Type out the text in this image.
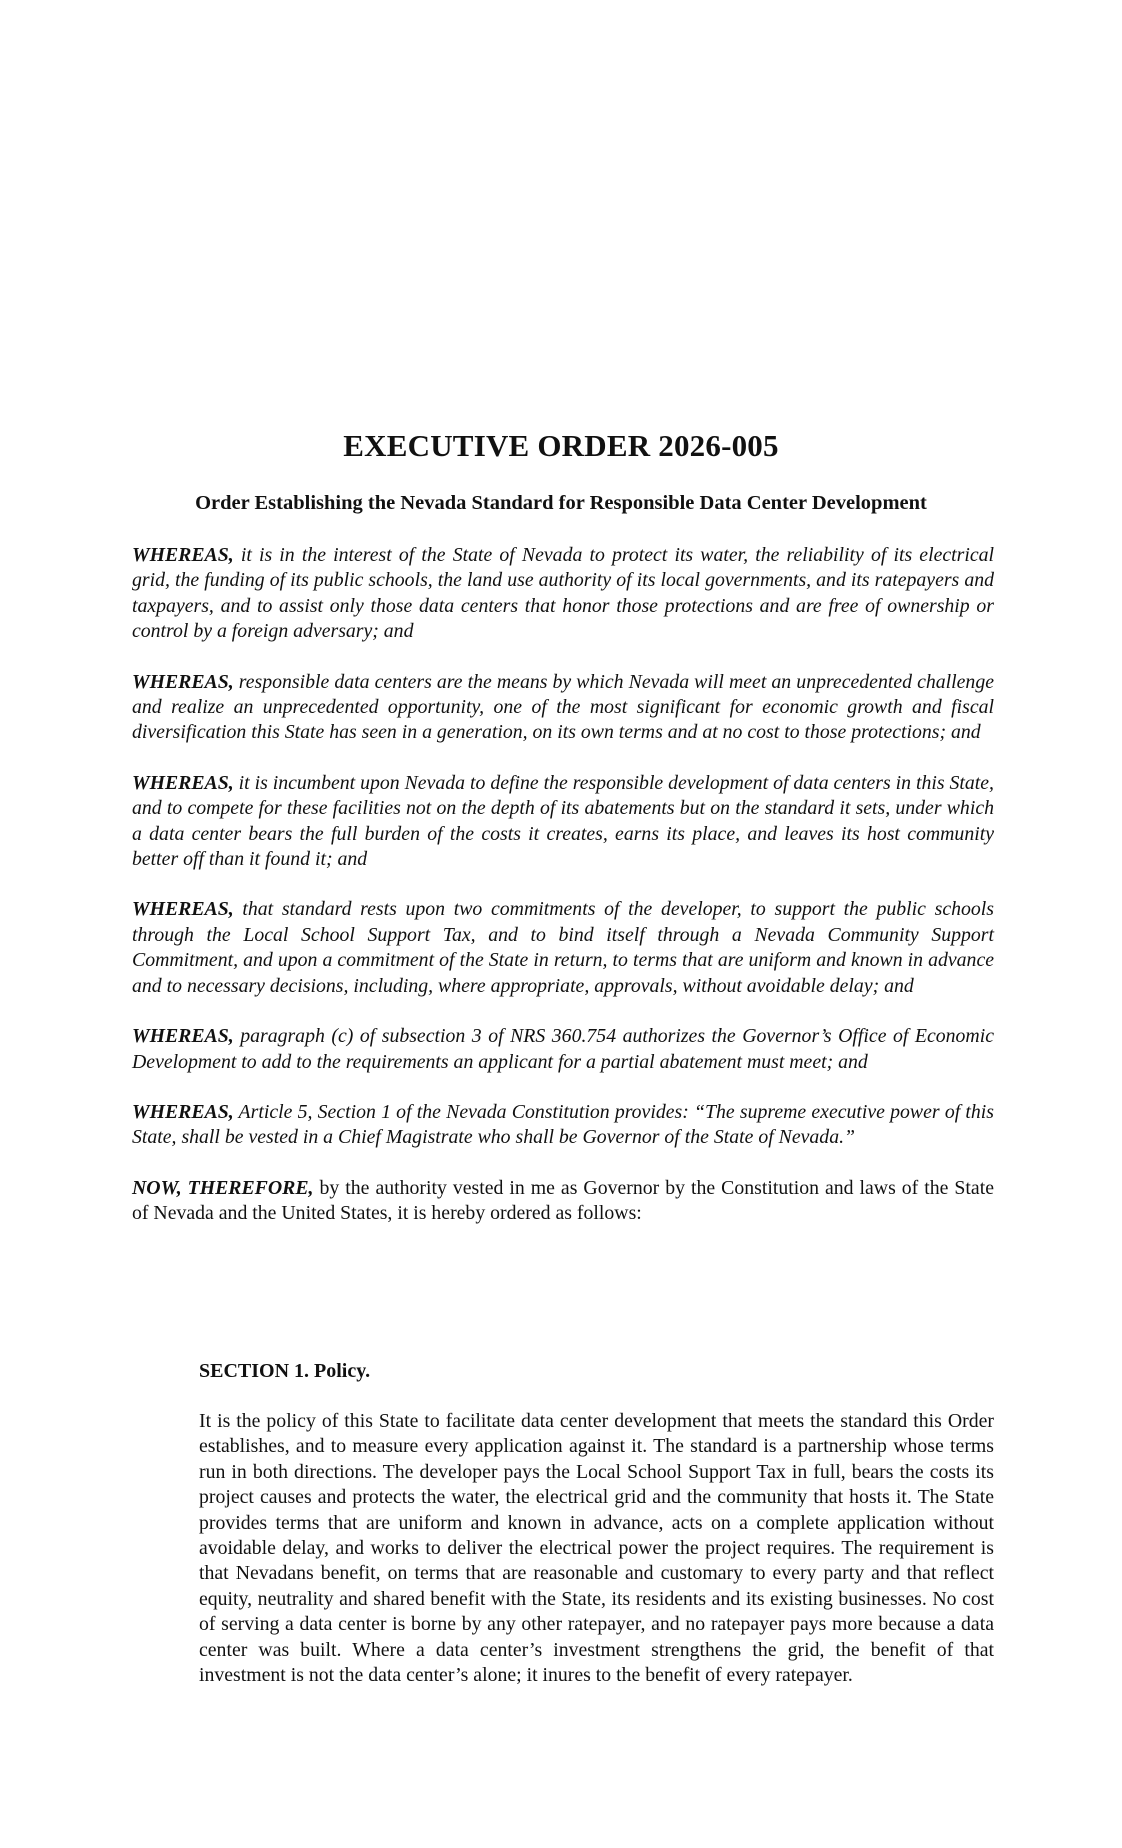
EXECUTIVE ORDER 2026-005
Order Establishing the Nevada Standard for Responsible Data Center Development

WHEREAS, it is in the interest of the State of Nevada to protect its water, the reliability of its electrical grid, the funding of its public schools, the land use authority of its local governments, and its ratepayers and taxpayers, and to assist only those data centers that honor those protections and are free of ownership or control by a foreign adversary; and

WHEREAS, responsible data centers are the means by which Nevada will meet an unprecedented challenge and realize an unprecedented opportunity, one of the most significant for economic growth and fiscal diversification this State has seen in a generation, on its own terms and at no cost to those protections; and

WHEREAS, it is incumbent upon Nevada to define the responsible development of data centers in this State, and to compete for these facilities not on the depth of its abatements but on the standard it sets, under which a data center bears the full burden of the costs it creates, earns its place, and leaves its host community better off than it found it; and

WHEREAS, that standard rests upon two commitments of the developer, to support the public schools through the Local School Support Tax, and to bind itself through a Nevada Community Support Commitment, and upon a commitment of the State in return, to terms that are uniform and known in advance and to necessary decisions, including, where appropriate, approvals, without avoidable delay; and

WHEREAS, paragraph (c) of subsection 3 of NRS 360.754 authorizes the Governor’s Office of Economic Development to add to the requirements an applicant for a partial abatement must meet; and

WHEREAS, Article 5, Section 1 of the Nevada Constitution provides: “The supreme executive power of this State, shall be vested in a Chief Magistrate who shall be Governor of the State of Nevada.”

NOW, THEREFORE, by the authority vested in me as Governor by the Constitution and laws of the State of Nevada and the United States, it is hereby ordered as follows:

SECTION 1. Policy.

It is the policy of this State to facilitate data center development that meets the standard this Order establishes, and to measure every application against it. The standard is a partnership whose terms run in both directions. The developer pays the Local School Support Tax in full, bears the costs its project causes and protects the water, the electrical grid and the community that hosts it. The State provides terms that are uniform and known in advance, acts on a complete application without avoidable delay, and works to deliver the electrical power the project requires. The requirement is that Nevadans benefit, on terms that are reasonable and customary to every party and that reflect equity, neutrality and shared benefit with the State, its residents and its existing businesses. No cost of serving a data center is borne by any other ratepayer, and no ratepayer pays more because a data center was built. Where a data center’s investment strengthens the grid, the benefit of that investment is not the data center’s alone; it inures to the benefit of every ratepayer.
